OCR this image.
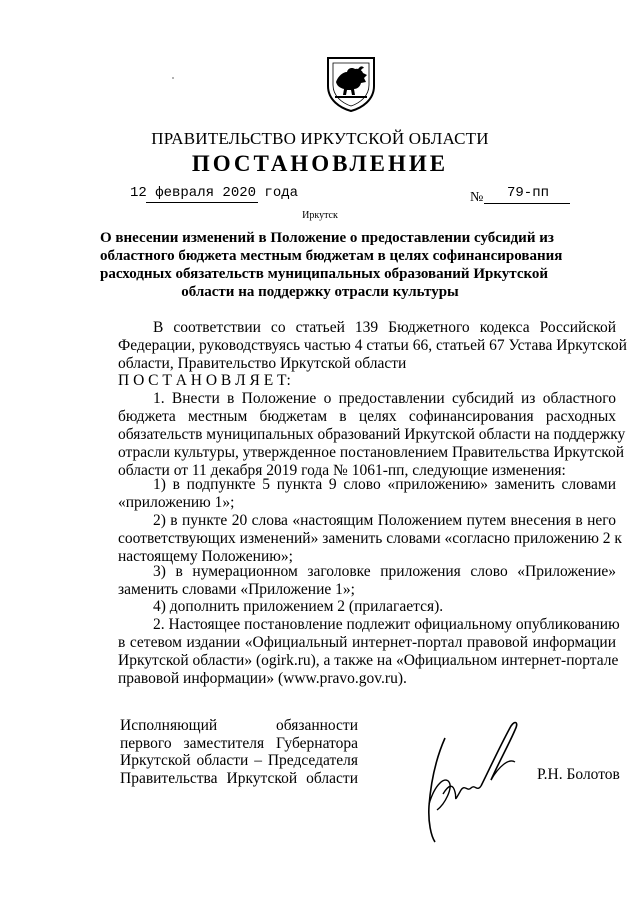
ПРАВИТЕЛЬСТВО ИРКУТСКОЙ ОБЛАСТИ
ПОСТАНОВЛЕНИЕ
12 февраля 2020 года	№	79-пп
Иркутск
О внесении изменений в Положение о предоставлении субсидий из
областного бюджета местным бюджетам в целях софинансирования
расходных обязательств муниципальных образований Иркутской
области на поддержку отрасли культуры
В соответствии со статьей 139 Бюджетного кодекса Российской
Федерации, руководствуясь частью 4 статьи 66, статьей 67 Устава Иркутской
области, Правительство Иркутской области
П О С Т А Н О В Л Я Е Т:
1. Внести в Положение о предоставлении субсидий из областного
бюджета местным бюджетам в целях софинансирования расходных
обязательств муниципальных образований Иркутской области на поддержку
отрасли культуры, утвержденное постановлением Правительства Иркутской
области от 11 декабря 2019 года № 1061-пп, следующие изменения:
1) в подпункте 5 пункта 9 слово «приложению» заменить словами
«приложению 1»;
2) в пункте 20 слова «настоящим Положением путем внесения в него
соответствующих изменений» заменить словами «согласно приложению 2 к
настоящему Положению»;
3) в нумерационном заголовке приложения слово «Приложение»
заменить словами «Приложение 1»;
4) дополнить приложением 2 (прилагается).
2. Настоящее постановление подлежит официальному опубликованию
в сетевом издании «Официальный интернет-портал правовой информации
Иркутской области» (ogirk.ru), а также на «Официальном интернет-портале
правовой информации» (www.pravo.gov.ru).
Исполняющий обязанности
первого заместителя Губернатора
Иркутской области – Председателя
Правительства Иркутской области	Р.Н. Болотов
